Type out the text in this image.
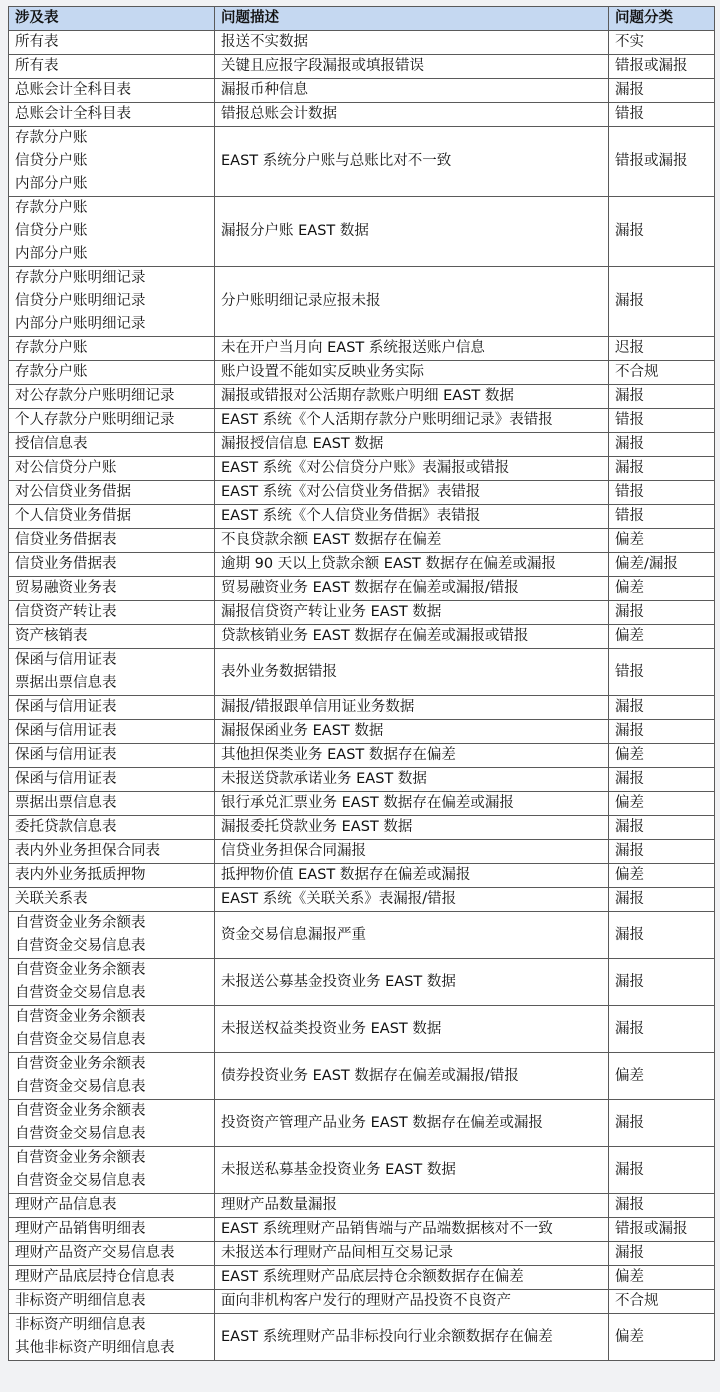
涉及表	问题描述	问题分类

所有表	报送不实数据	不实

所有表	关键且应报字段漏报或填报错误	错报或漏报

总账会计全科目表	漏报币种信息	漏报

总账会计全科目表	错报总账会计数据	错报

存款分户账
信贷分户账
内部分户账	EAST 系统分户账与总账比对不一致	错报或漏报

存款分户账
信贷分户账
内部分户账	漏报分户账 EAST 数据	漏报

存款分户账明细记录
信贷分户账明细记录
内部分户账明细记录	分户账明细记录应报未报	漏报

存款分户账	未在开户当月向 EAST 系统报送账户信息	迟报

存款分户账	账户设置不能如实反映业务实际	不合规

对公存款分户账明细记录	漏报或错报对公活期存款账户明细 EAST 数据	漏报

个人存款分户账明细记录	EAST 系统《个人活期存款分户账明细记录》表错报	错报

授信信息表	漏报授信信息 EAST 数据	漏报

对公信贷分户账	EAST 系统《对公信贷分户账》表漏报或错报	漏报

对公信贷业务借据	EAST 系统《对公信贷业务借据》表错报	错报

个人信贷业务借据	EAST 系统《个人信贷业务借据》表错报	错报

信贷业务借据表	不良贷款余额 EAST 数据存在偏差	偏差

信贷业务借据表	逾期 90 天以上贷款余额 EAST 数据存在偏差或漏报	偏差/漏报

贸易融资业务表	贸易融资业务 EAST 数据存在偏差或漏报/错报	偏差

信贷资产转让表	漏报信贷资产转让业务 EAST 数据	漏报

资产核销表	贷款核销业务 EAST 数据存在偏差或漏报或错报	偏差

保函与信用证表
票据出票信息表	表外业务数据错报	错报

保函与信用证表	漏报/错报跟单信用证业务数据	漏报

保函与信用证表	漏报保函业务 EAST 数据	漏报

保函与信用证表	其他担保类业务 EAST 数据存在偏差	偏差

保函与信用证表	未报送贷款承诺业务 EAST 数据	漏报

票据出票信息表	银行承兑汇票业务 EAST 数据存在偏差或漏报	偏差

委托贷款信息表	漏报委托贷款业务 EAST 数据	漏报

表内外业务担保合同表	信贷业务担保合同漏报	漏报

表内外业务抵质押物	抵押物价值 EAST 数据存在偏差或漏报	偏差

关联关系表	EAST 系统《关联关系》表漏报/错报	漏报

自营资金业务余额表
自营资金交易信息表	资金交易信息漏报严重	漏报

自营资金业务余额表
自营资金交易信息表	未报送公募基金投资业务 EAST 数据	漏报

自营资金业务余额表
自营资金交易信息表	未报送权益类投资业务 EAST 数据	漏报

自营资金业务余额表
自营资金交易信息表	债券投资业务 EAST 数据存在偏差或漏报/错报	偏差

自营资金业务余额表
自营资金交易信息表	投资资产管理产品业务 EAST 数据存在偏差或漏报	漏报

自营资金业务余额表
自营资金交易信息表	未报送私募基金投资业务 EAST 数据	漏报

理财产品信息表	理财产品数量漏报	漏报

理财产品销售明细表	EAST 系统理财产品销售端与产品端数据核对不一致	错报或漏报

理财产品资产交易信息表	未报送本行理财产品间相互交易记录	漏报

理财产品底层持仓信息表	EAST 系统理财产品底层持仓余额数据存在偏差	偏差

非标资产明细信息表	面向非机构客户发行的理财产品投资不良资产	不合规

非标资产明细信息表
其他非标资产明细信息表	EAST 系统理财产品非标投向行业余额数据存在偏差	偏差
